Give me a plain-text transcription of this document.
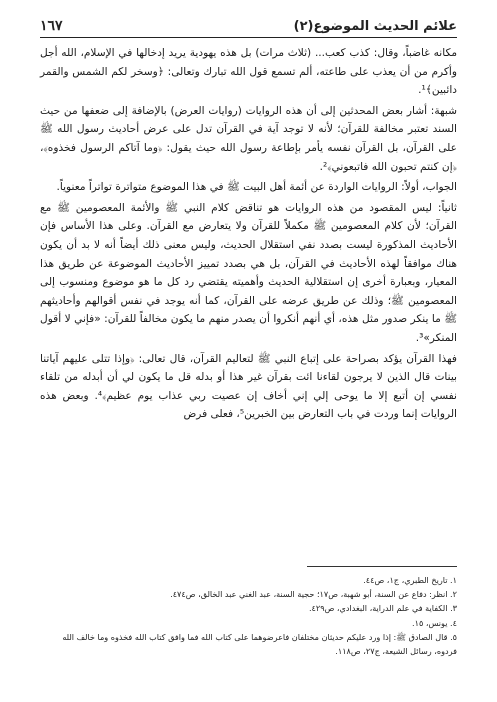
علائم الحديث الموضوع(٢)
١٦٧

مكانه غاضباً، وقال: كذب كعب... (ثلاث مرات) بل هذه يهودية يريد إدخالها في الإسلام، الله أجل وأكرم من أن يعذب على طاعته، ألم تسمع قول الله تبارك وتعالى: ﴿وسخر لكم الشمس والقمر دائبين﴾¹.

شبهة: أشار بعض المحدثين إلى أن هذه الروايات (روايات العرض) بالإضافة إلى ضعفها من حيث السند تعتبر مخالفة للقرآن؛ لأنه لا توجد آية في القرآن تدل على عرض أحاديث رسول الله ﷺ على القرآن، بل القرآن نفسه يأمر بإطاعة رسول الله حيث يقول: ﴿وما آتاكم الرسول فخذوه﴾، ﴿إن كنتم تحبون الله فاتبعوني﴾².

الجواب، أولاً: الروايات الواردة عن أئمة أهل البيت ﷺ في هذا الموضوع متواترة تواتراً معنوياً.

ثانياً: ليس المقصود من هذه الروايات هو تناقض كلام النبي ﷺ والأئمة المعصومين ﷺ مع القرآن؛ لأن كلام المعصومين ﷺ مكملاً للقرآن ولا يتعارض مع القرآن. وعلى هذا الأساس فإن الأحاديث المذكورة ليست بصدد نفي استقلال الحديث، وليس معنى ذلك أيضاً أنه لا بد أن يكون هناك موافقاً لهذه الأحاديث في القرآن، بل هي بصدد تمييز الأحاديث الموضوعة عن طريق هذا المعيار، وبعبارة أخرى إن استقلالية الحديث وأهميته يقتضي رد كل ما هو موضوع ومنسوب إلى المعصومين ﷺ؛ وذلك عن طريق عرضه على القرآن، كما أنه يوجد في نفس أقوالهم وأحاديثهم ﷺ ما ينكر صدور مثل هذه، أي أنهم أنكروا أن يصدر منهم ما يكون مخالفاً للقرآن: «فإني لا أقول المنكر»³.

فهذا القرآن يؤكد بصراحة على إتباع النبي ﷺ لتعاليم القرآن، قال تعالى: ﴿وإذا تتلى عليهم آياتنا بينات قال الذين لا يرجون لقاءنا ائت بقرآن غير هذا أو بدله قل ما يكون لي أن أبدله من تلقاء نفسي إن أتبع إلا ما يوحى إلي إني أخاف إن عصيت ربي عذاب يوم عظيم﴾⁴. وبعض هذه الروايات إنما وردت في باب التعارض بين الخبرين⁵، فعلى فرض

١. تاريخ الطبري، ج١، ص٤٤.

٢. انظر: دفاع عن السنة، أبو شهبة، ص١٧؛ حجية السنة، عبد الغني عبد الخالق، ص٤٧٤.

٣. الكفاية في علم الدراية، البغدادي، ص٤٢٩.

٤. يونس، ١٥.

٥. قال الصادق ﷺ: إذا ورد عليكم حديثان مختلفان فاعرضوهما على كتاب الله فما وافق كتاب الله فخذوه وما خالف الله فردوه، رسائل الشيعة، ج٢٧، ص١١٨.
